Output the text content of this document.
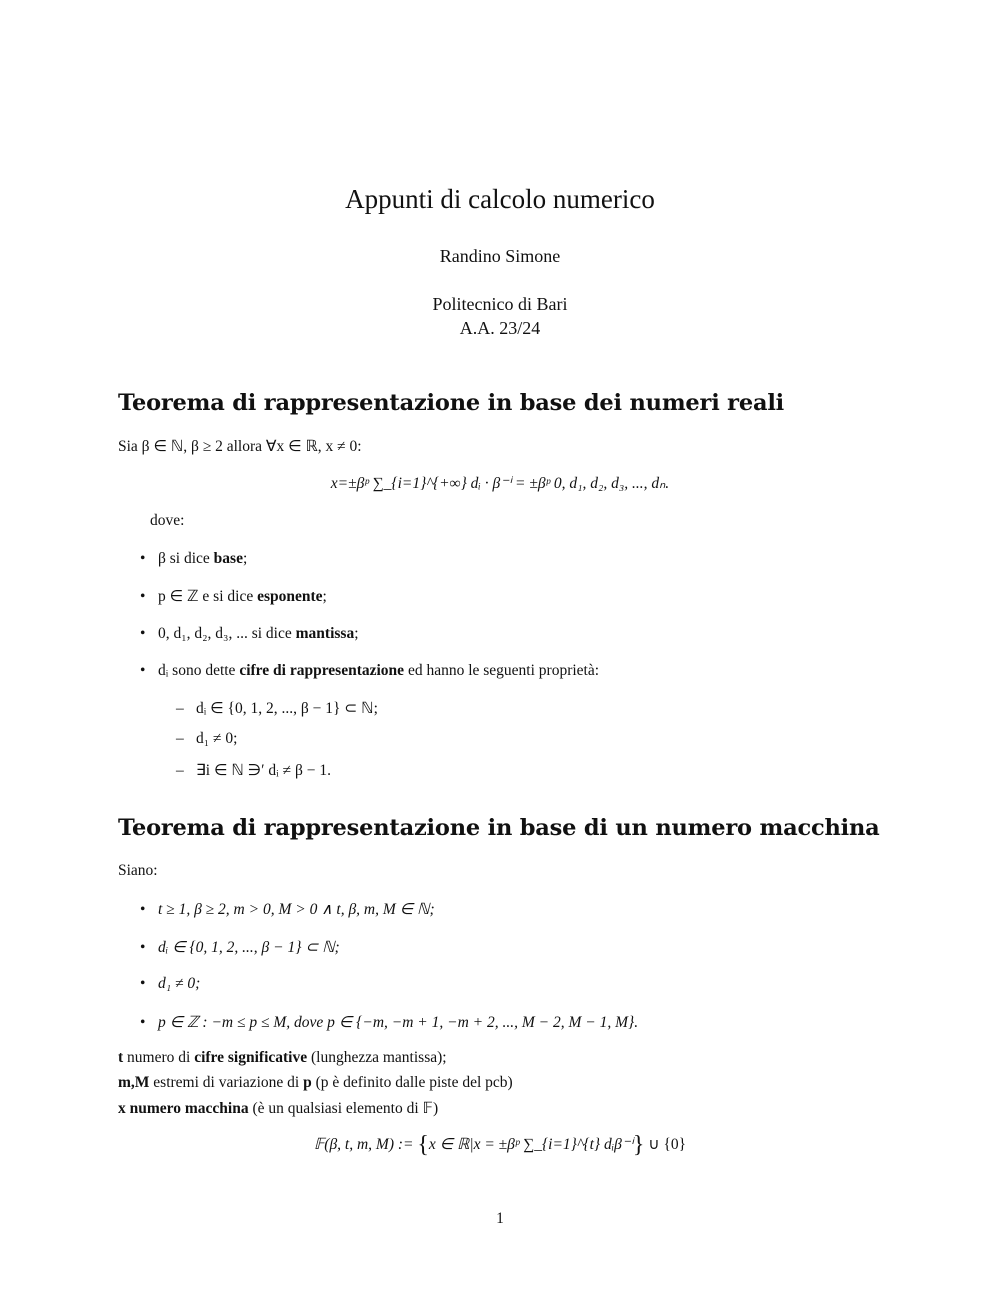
Appunti di calcolo numerico
Randino Simone
Politecnico di Bari
A.A. 23/24
Teorema di rappresentazione in base dei numeri reali
Sia β ∈ ℕ, β ≥ 2 allora ∀x ∈ ℝ, x ≠ 0:
x=±βᵖ ∑_{i=1}^{+∞} dᵢ · β⁻ⁱ = ±βᵖ 0, d₁, d₂, d₃, ..., dₙ.
dove:
• β si dice base;
• p ∈ ℤ e si dice esponente;
• 0, d₁, d₂, d₃, ... si dice mantissa;
• dᵢ sono dette cifre di rappresentazione ed hanno le seguenti proprietà:
– dᵢ ∈ {0, 1, 2, ..., β − 1} ⊂ ℕ;
– d₁ ≠ 0;
– ∃i ∈ ℕ ∋′ dᵢ ≠ β − 1.
Teorema di rappresentazione in base di un numero macchina
Siano:
• t ≥ 1, β ≥ 2, m > 0, M > 0 ∧ t, β, m, M ∈ ℕ;
• dᵢ ∈ {0, 1, 2, ..., β − 1} ⊂ ℕ;
• d₁ ≠ 0;
• p ∈ ℤ : −m ≤ p ≤ M, dove p ∈ {−m, −m + 1, −m + 2, ..., M − 2, M − 1, M}.
t numero di cifre significative (lunghezza mantissa);
m,M estremi di variazione di p (p è definito dalle piste del pcb)
x numero macchina (è un qualsiasi elemento di 𝔽)
𝔽(β, t, m, M) := {x ∈ ℝ|x = ±βᵖ ∑_{i=1}^{t} dᵢβ⁻ⁱ} ∪ {0}
1
